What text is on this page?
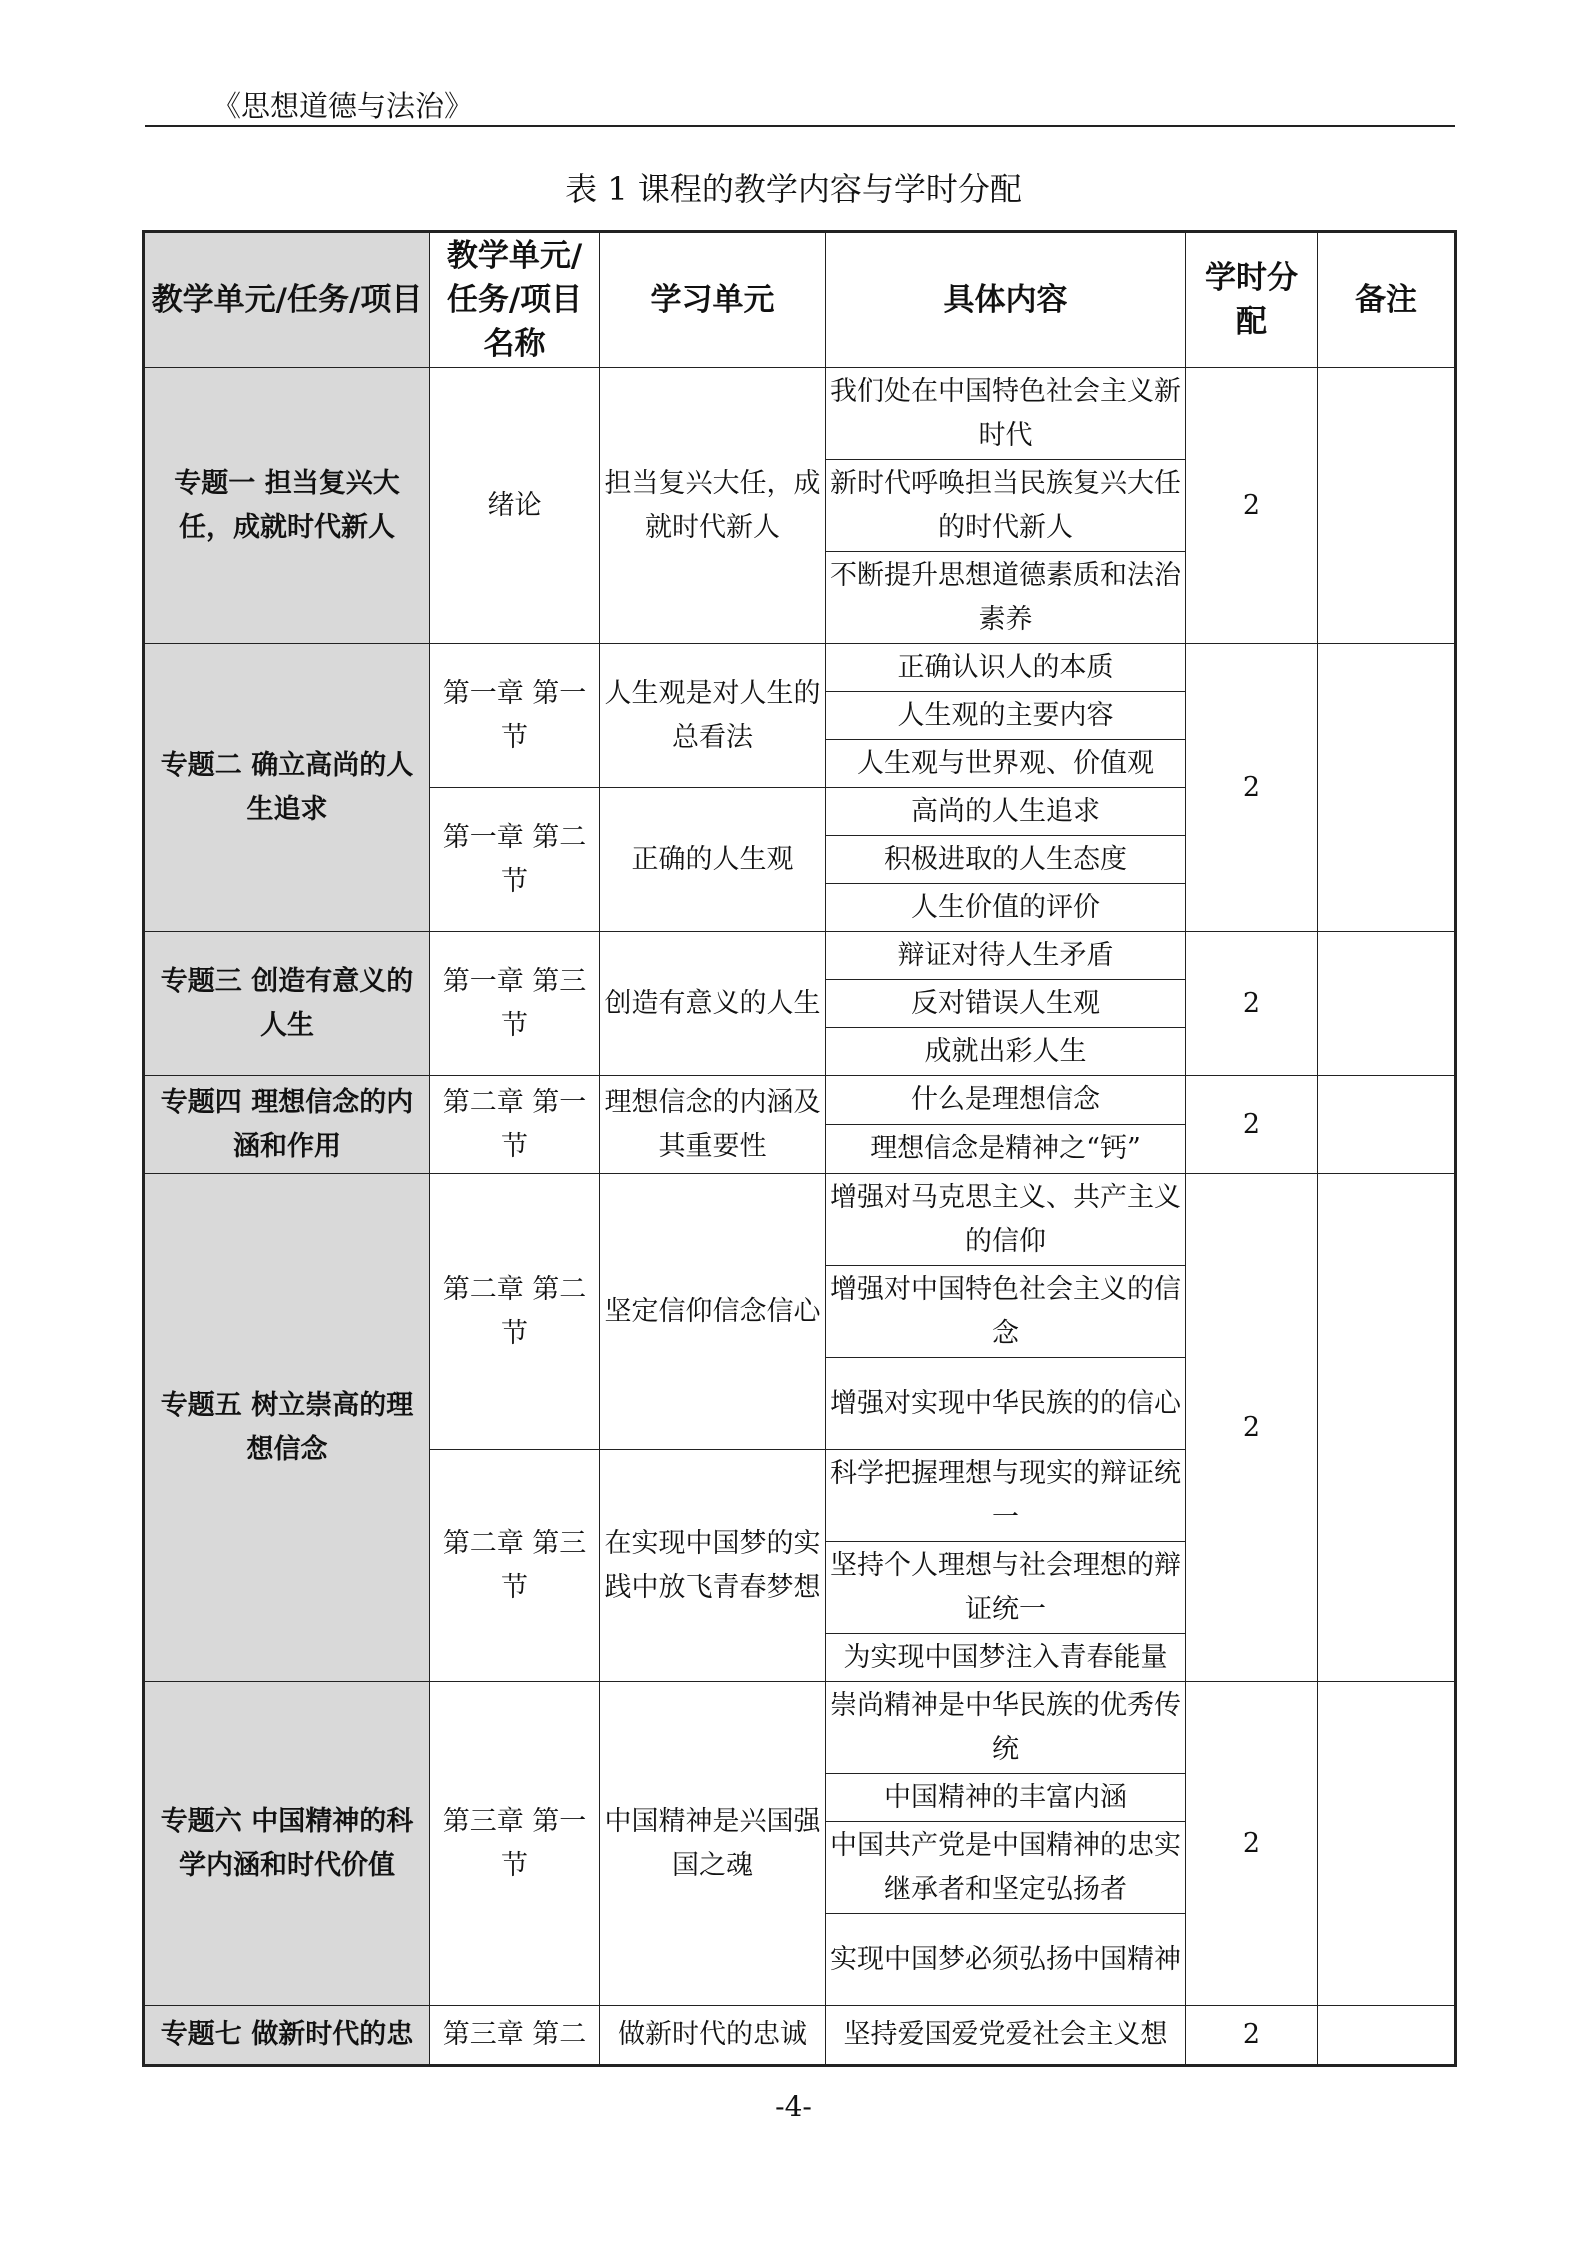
《思想道德与法治》
表 1 课程的教学内容与学时分配
教学单元/任务/项目	教学单元/任务/项目名称	学习单元	具体内容	学时分配	备注
专题一 担当复兴大任，成就时代新人	绪论	担当复兴大任，成就时代新人	我们处在中国特色社会主义新时代	2	
			新时代呼唤担当民族复兴大任的时代新人		
			不断提升思想道德素质和法治素养		
专题二 确立高尚的人生追求	第一章 第一节	人生观是对人生的总看法	正确认识人的本质	2	
			人生观的主要内容		
			人生观与世界观、价值观		
	第一章 第二节	正确的人生观	高尚的人生追求		
			积极进取的人生态度		
			人生价值的评价		
专题三 创造有意义的人生	第一章 第三节	创造有意义的人生	辩证对待人生矛盾	2	
			反对错误人生观		
			成就出彩人生		
专题四 理想信念的内涵和作用	第二章 第一节	理想信念的内涵及其重要性	什么是理想信念	2	
			理想信念是精神之“钙”		
专题五 树立崇高的理想信念	第二章 第二节	坚定信仰信念信心	增强对马克思主义、共产主义的信仰	2	
			增强对中国特色社会主义的信念		
			增强对实现中华民族的的信心		
	第二章 第三节	在实现中国梦的实践中放飞青春梦想	科学把握理想与现实的辩证统一		
			坚持个人理想与社会理想的辩证统一		
			为实现中国梦注入青春能量		
专题六 中国精神的科学内涵和时代价值	第三章 第一节	中国精神是兴国强国之魂	崇尚精神是中华民族的优秀传统	2	
			中国精神的丰富内涵		
			中国共产党是中国精神的忠实继承者和坚定弘扬者		
			实现中国梦必须弘扬中国精神		
专题七 做新时代的忠	第三章 第二	做新时代的忠诚	坚持爱国爱党爱社会主义想	2	
-4-
